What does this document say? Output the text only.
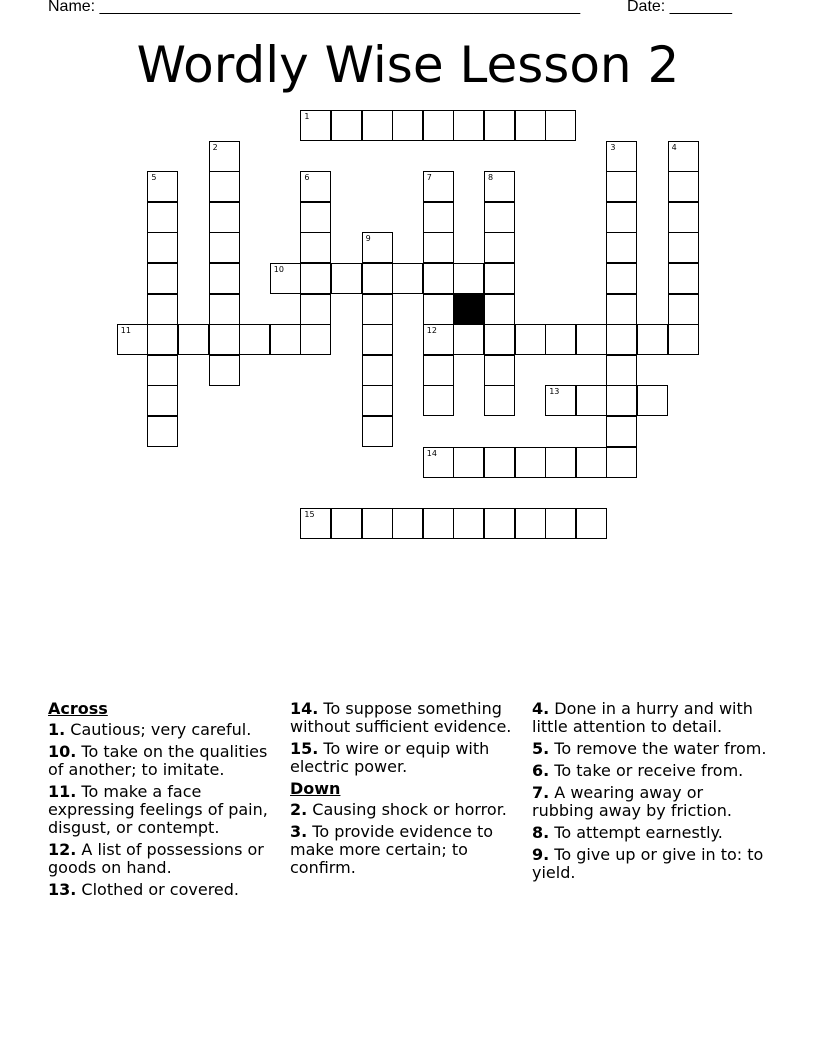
Name: ______________________________________________________	Date: _______
Wordly Wise Lesson 2
1
2	3	4
5	6	7	8
9
10
11	12
13
14
15
Across
1. Cautious; very careful.
10. To take on the qualities of another; to imitate.
11. To make a face expressing feelings of pain, disgust, or contempt.
12. A list of possessions or goods on hand.
13. Clothed or covered.
14. To suppose something without sufficient evidence.
15. To wire or equip with electric power.
Down
2. Causing shock or horror.
3. To provide evidence to make more certain; to confirm.
4. Done in a hurry and with little attention to detail.
5. To remove the water from.
6. To take or receive from.
7. A wearing away or rubbing away by friction.
8. To attempt earnestly.
9. To give up or give in to: to yield.
